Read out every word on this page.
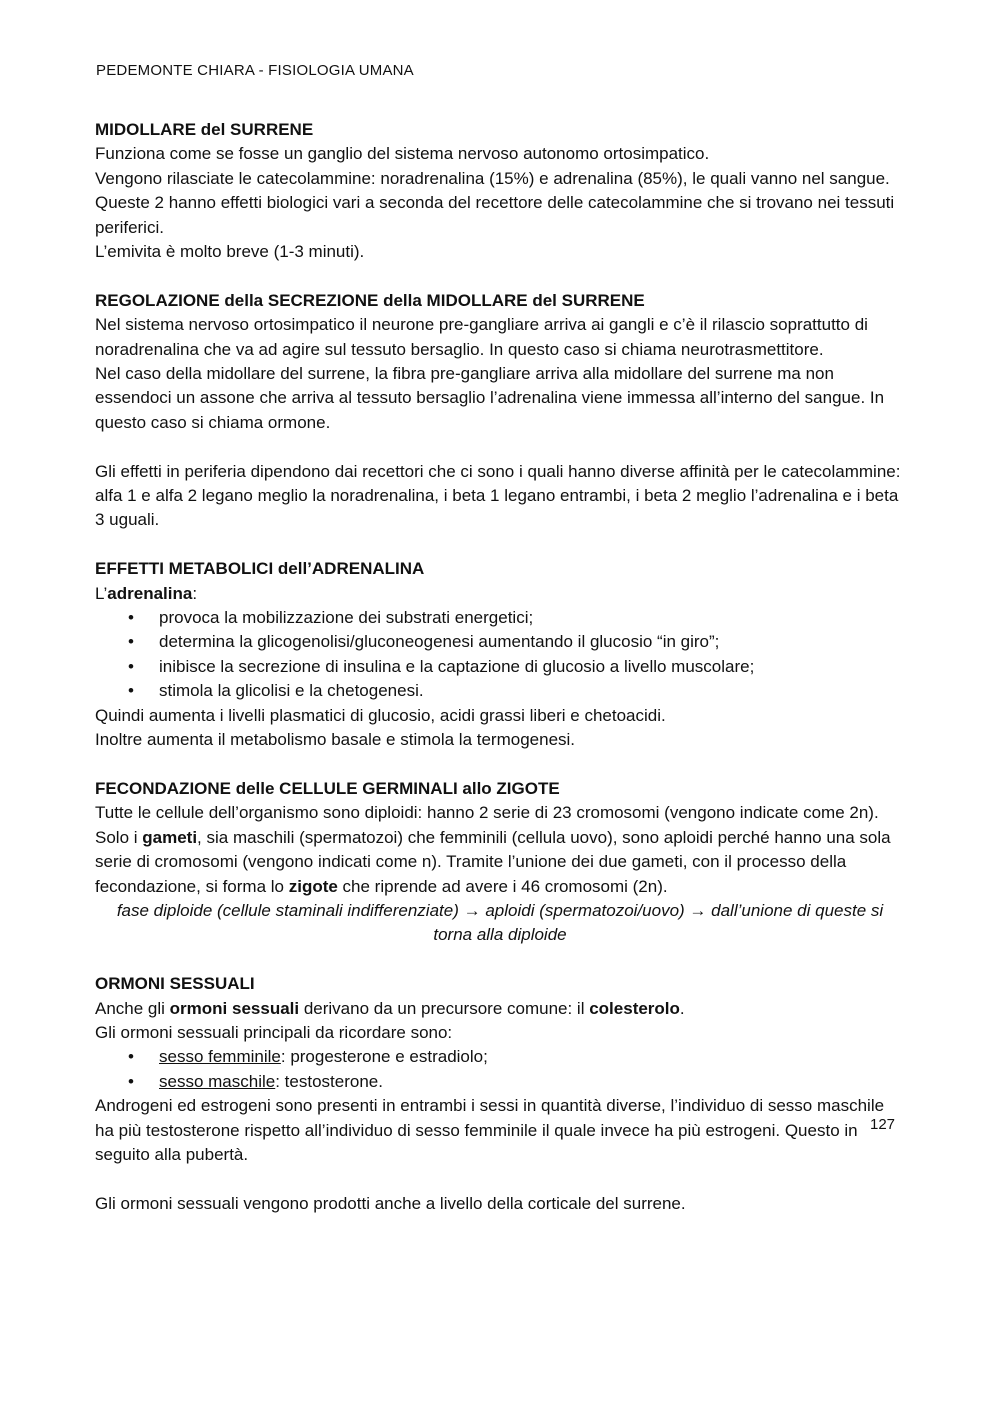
PEDEMONTE CHIARA - FISIOLOGIA UMANA
MIDOLLARE del SURRENE

Funziona come se fosse un ganglio del sistema nervoso autonomo ortosimpatico.

Vengono rilasciate le catecolammine: noradrenalina (15%) e adrenalina (85%), le quali vanno nel sangue.

Queste 2 hanno effetti biologici vari a seconda del recettore delle catecolammine che si trovano nei tessuti periferici.

L’emivita è molto breve (1-3 minuti).

REGOLAZIONE della SECREZIONE della MIDOLLARE del SURRENE

Nel sistema nervoso ortosimpatico il neurone pre-gangliare arriva ai gangli e c’è il rilascio soprattutto di noradrenalina che va ad agire sul tessuto bersaglio. In questo caso si chiama neurotrasmettitore.

Nel caso della midollare del surrene, la fibra pre-gangliare arriva alla midollare del surrene ma non essendoci un assone che arriva al tessuto bersaglio l’adrenalina viene immessa all’interno del sangue. In questo caso si chiama ormone.

Gli effetti in periferia dipendono dai recettori che ci sono i quali hanno diverse affinità per le catecolammine: alfa 1 e alfa 2 legano meglio la noradrenalina, i beta 1 legano entrambi, i beta 2 meglio l’adrenalina e i beta 3 uguali.

EFFETTI METABOLICI dell’ADRENALINA

L’adrenalina:

• provoca la mobilizzazione dei substrati energetici;
• determina la glicogenolisi/gluconeogenesi aumentando il glucosio “in giro”;
• inibisce la secrezione di insulina e la captazione di glucosio a livello muscolare;
• stimola la glicolisi e la chetogenesi.

Quindi aumenta i livelli plasmatici di glucosio, acidi grassi liberi e chetoacidi.

Inoltre aumenta il metabolismo basale e stimola la termogenesi.

FECONDAZIONE delle CELLULE GERMINALI allo ZIGOTE

Tutte le cellule dell’organismo sono diploidi: hanno 2 serie di 23 cromosomi (vengono indicate come 2n).

Solo i gameti, sia maschili (spermatozoi) che femminili (cellula uovo), sono aploidi perché hanno una sola serie di cromosomi (vengono indicati come n). Tramite l’unione dei due gameti, con il processo della fecondazione, si forma lo zigote che riprende ad avere i 46 cromosomi (2n).

fase diploide (cellule staminali indifferenziate) → aploidi (spermatozoi/uovo) → dall’unione di queste si torna alla diploide

ORMONI SESSUALI

Anche gli ormoni sessuali derivano da un precursore comune: il colesterolo.

Gli ormoni sessuali principali da ricordare sono:

• sesso femminile: progesterone e estradiolo;
• sesso maschile: testosterone.

Androgeni ed estrogeni sono presenti in entrambi i sessi in quantità diverse, l’individuo di sesso maschile ha più testosterone rispetto all’individuo di sesso femminile il quale invece ha più estrogeni. Questo in seguito alla pubertà.

Gli ormoni sessuali vengono prodotti anche a livello della corticale del surrene.

127
